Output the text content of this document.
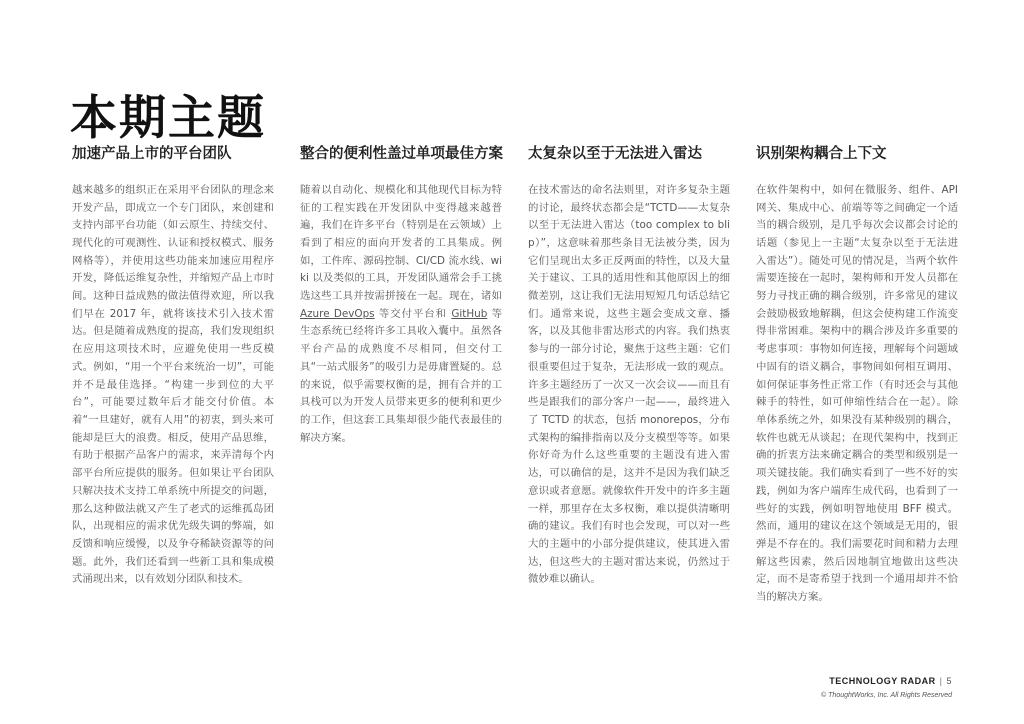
本期主题
加速产品上市的平台团队

越来越多的组织正在采用平台团队的理念来开发产品，即成立一个专门团队，来创建和支持内部平台功能（如云原生、持续交付、现代化的可观测性、认证和授权模式、服务网格等），并使用这些功能来加速应用程序开发，降低运维复杂性，并缩短产品上市时间。这种日益成熟的做法值得欢迎，所以我们早在 2017 年，就将该技术引入技术雷达。但是随着成熟度的提高，我们发现组织在应用这项技术时，应避免使用一些反模式。例如，“用一个平台来统治一切”，可能并不是最佳选择。“构建一步到位的大平台”，可能要过数年后才能交付价值。本着“一旦建好，就有人用”的初衷，到头来可能却是巨大的浪费。相反，使用产品思维，有助于根据产品客户的需求，来弄清每个内部平台所应提供的服务。但如果让平台团队只解决技术支持工单系统中所提交的问题，那么这种做法就又产生了老式的运维孤岛团队，出现相应的需求优先级失调的弊端，如反馈和响应缓慢，以及争夺稀缺资源等的问题。此外，我们还看到一些新工具和集成模式涌现出来，以有效划分团队和技术。

整合的便利性盖过单项最佳方案

随着以自动化、规模化和其他现代目标为特征的工程实践在开发团队中变得越来越普遍，我们在许多平台（特别是在云领域）上看到了相应的面向开发者的工具集成。例如，工件库、源码控制、CI/CD 流水线、wiki 以及类似的工具，开发团队通常会手工挑选这些工具并按需拼接在一起。现在，诸如 Azure DevOps 等交付平台和 GitHub 等生态系统已经将许多工具收入囊中。虽然各平台产品的成熟度不尽相同，但交付工具“一站式服务”的吸引力是毋庸置疑的。总的来说，似乎需要权衡的是，拥有合并的工具栈可以为开发人员带来更多的便利和更少的工作，但这套工具集却很少能代表最佳的解决方案。

太复杂以至于无法进入雷达

在技术雷达的命名法则里，对许多复杂主题的讨论，最终状态都会是“TCTD——太复杂以至于无法进入雷达（too complex to blip）”，这意味着那些条目无法被分类，因为它们呈现出太多正反两面的特性，以及大量关于建议、工具的适用性和其他原因上的细微差别，这让我们无法用短短几句话总结它们。通常来说，这些主题会变成文章、播客，以及其他非雷达形式的内容。我们热衷参与的一部分讨论，聚焦于这些主题：它们很重要但过于复杂，无法形成一致的观点。许多主题经历了一次又一次会议——而且有些是跟我们的部分客户一起——，最终进入了 TCTD 的状态，包括 monorepos，分布式架构的编排指南以及分支模型等等。如果你好奇为什么这些重要的主题没有进入雷达，可以确信的是，这并不是因为我们缺乏意识或者意愿。就像软件开发中的许多主题一样，那里存在太多权衡，难以提供清晰明确的建议。我们有时也会发现，可以对一些大的主题中的小部分提供建议，使其进入雷达，但这些大的主题对雷达来说，仍然过于微妙难以确认。

识别架构耦合上下文

在软件架构中，如何在微服务、组件、API 网关、集成中心、前端等等之间确定一个适当的耦合级别，是几乎每次会议都会讨论的话题（参见上一主题“太复杂以至于无法进入雷达”）。随处可见的情况是，当两个软件需要连接在一起时，架构师和开发人员都在努力寻找正确的耦合级别，许多常见的建议会鼓励极致地解耦，但这会使构建工作流变得非常困难。架构中的耦合涉及许多重要的考虑事项：事物如何连接，理解每个问题域中固有的语义耦合，事物间如何相互调用、如何保证事务性正常工作（有时还会与其他棘手的特性，如可伸缩性结合在一起）。除单体系统之外，如果没有某种级别的耦合，软件也就无从谈起；在现代架构中，找到正确的折衷方法来确定耦合的类型和级别是一项关键技能。我们确实看到了一些不好的实践，例如为客户端库生成代码，也看到了一些好的实践，例如明智地使用 BFF 模式。然而，通用的建议在这个领域是无用的，银弹是不存在的。我们需要花时间和精力去理解这些因素，然后因地制宜地做出这些决定，而不是寄希望于找到一个通用却并不恰当的解决方案。

TECHNOLOGY RADAR | 5
© ThoughtWorks, Inc. All Rights Reserved
